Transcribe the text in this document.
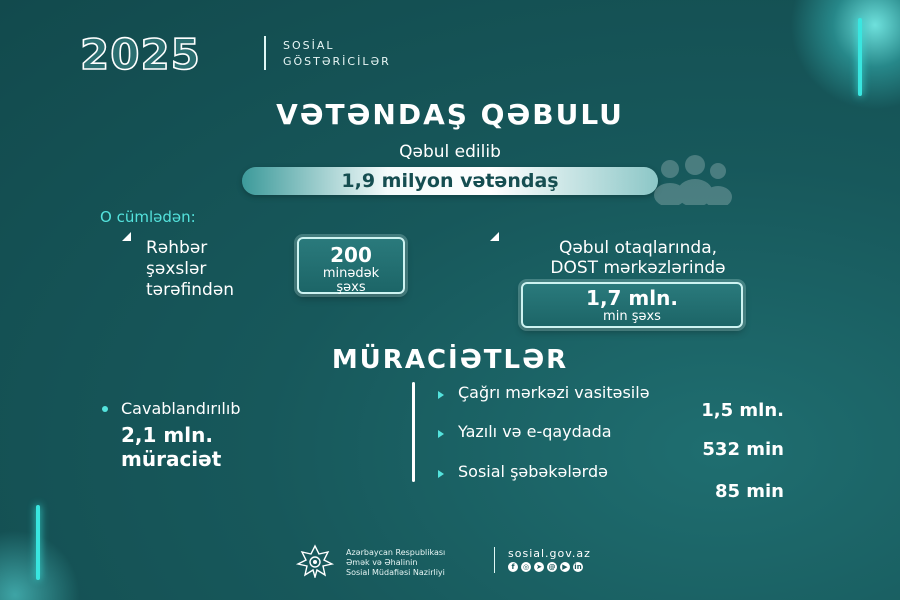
2025	SOSİAL
GÖSTƏRİCİLƏR
VƏTƏNDAŞ QƏBULU
Qəbul edilib
1,9 milyon vətəndaş
O cümlədən:
Rəhbər
şəxslər
tərəfindən
200
minədək
şəxs
Qəbul otaqlarında,
DOST mərkəzlərində
1,7 mln.
min şəxs
MÜRACİƏTLƏR
Cavablandırılıb
2,1 mln.
müraciət
Çağrı mərkəzi vasitəsilə
1,5 mln.
Yazılı və e-qaydada
532 min
Sosial şəbəkələrdə
85 min
Azərbaycan Respublikası
Əmək və Əhalinin
Sosial Müdafiəsi Nazirliyi
sosial.gov.az
f	◎ ➤ @ ▶ in
